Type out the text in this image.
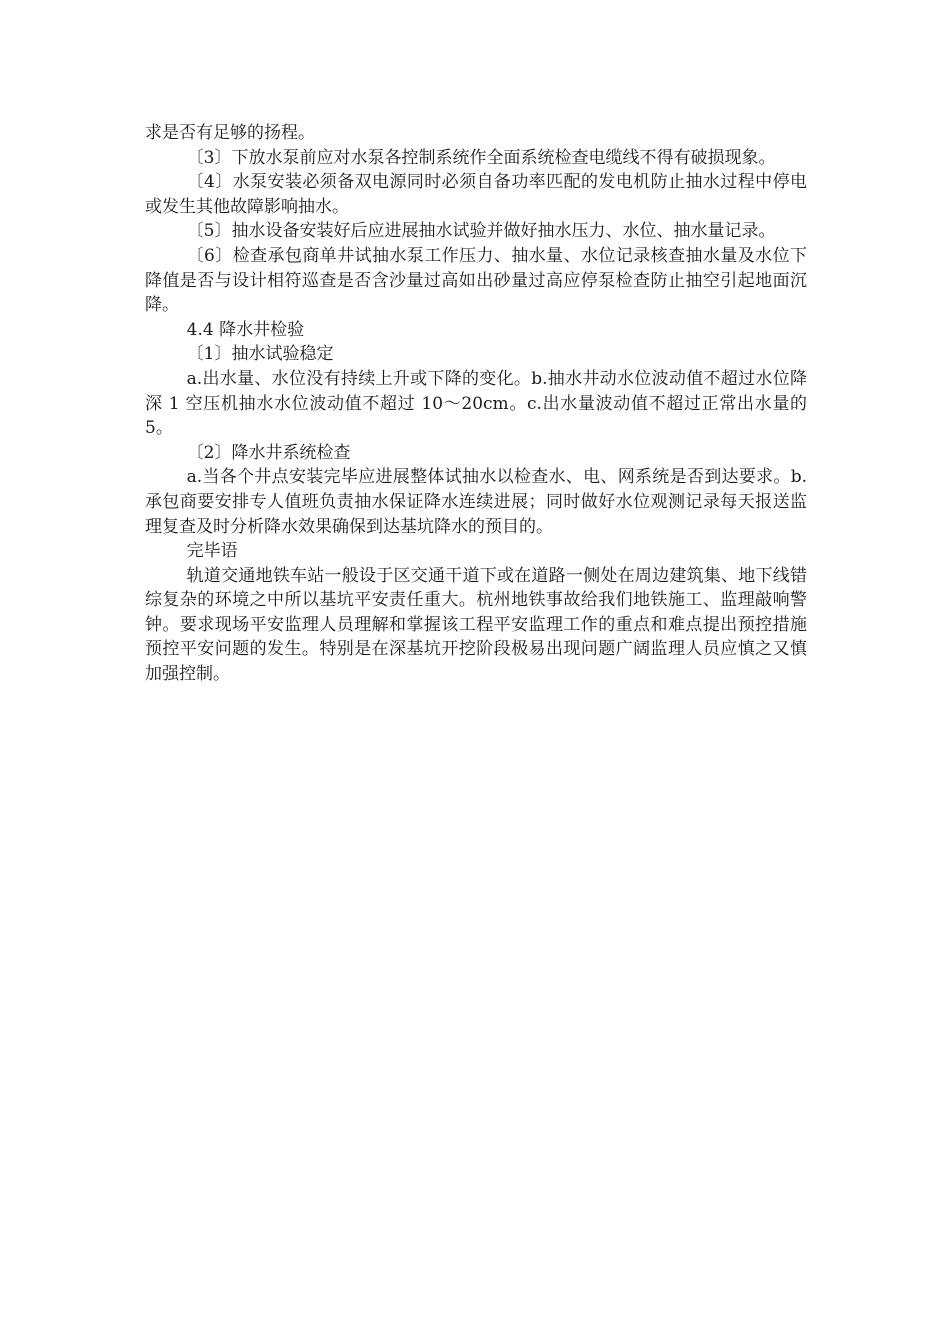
求是否有足够的扬程。

〔3〕下放水泵前应对水泵各控制系统作全面系统检查电缆线不得有破损现象。

〔4〕水泵安装必须备双电源同时必须自备功率匹配的发电机防止抽水过程中停电或发生其他故障影响抽水。

〔5〕抽水设备安装好后应进展抽水试验并做好抽水压力、水位、抽水量记录。

〔6〕检查承包商单井试抽水泵工作压力、抽水量、水位记录核查抽水量及水位下降值是否与设计相符巡查是否含沙量过高如出砂量过高应停泵检查防止抽空引起地面沉降。

4.4 降水井检验

〔1〕抽水试验稳定

a.出水量、水位没有持续上升或下降的变化。b.抽水井动水位波动值不超过水位降深 1 空压机抽水水位波动值不超过 10～20cm。c.出水量波动值不超过正常出水量的 5。

〔2〕降水井系统检查

a.当各个井点安装完毕应进展整体试抽水以检查水、电、网系统是否到达要求。b.承包商要安排专人值班负责抽水保证降水连续进展；同时做好水位观测记录每天报送监理复查及时分析降水效果确保到达基坑降水的预目的。

完毕语

轨道交通地铁车站一般设于区交通干道下或在道路一侧处在周边建筑集、地下线错综复杂的环境之中所以基坑平安责任重大。杭州地铁事故给我们地铁施工、监理敲响警钟。要求现场平安监理人员理解和掌握该工程平安监理工作的重点和难点提出预控措施预控平安问题的发生。特别是在深基坑开挖阶段极易出现问题广阔监理人员应慎之又慎加强控制。
